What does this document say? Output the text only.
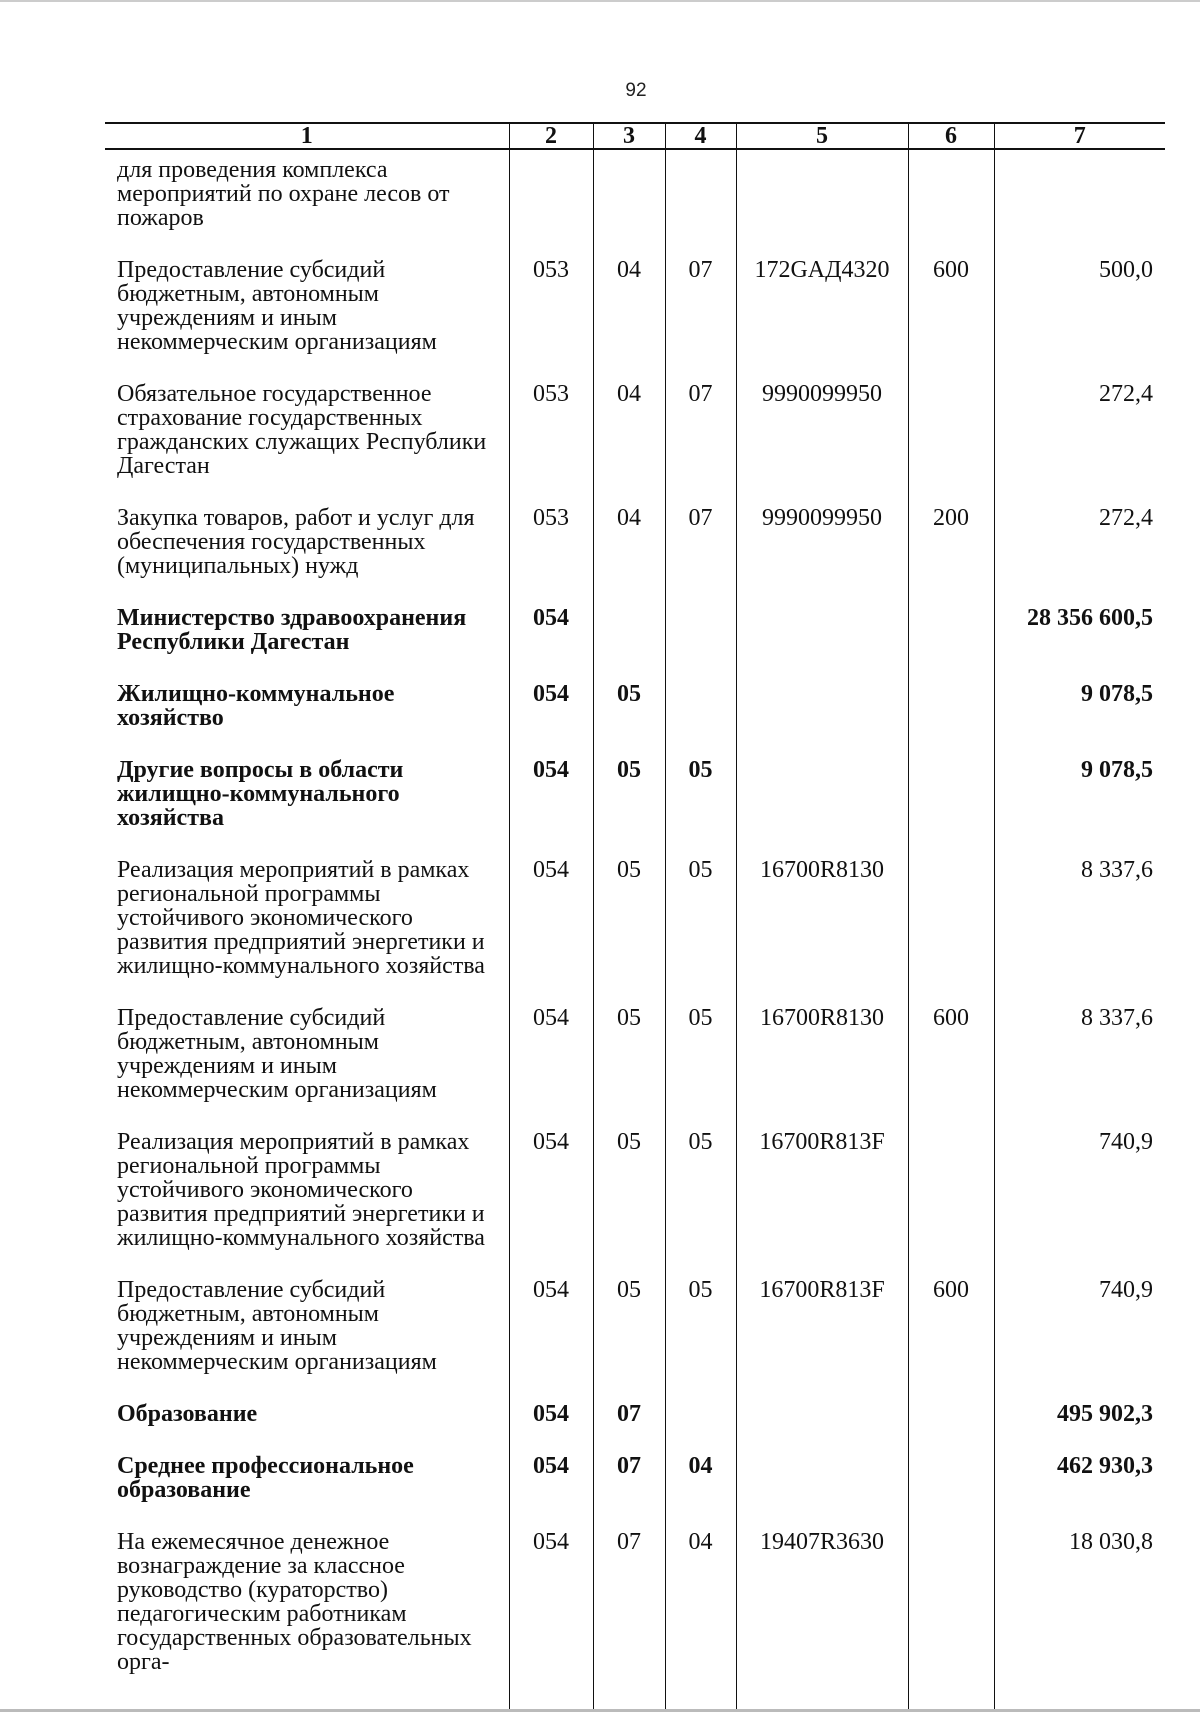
92
1	2	3	4	5	6	7
для проведения комплекса мероприятий по охране лесов от пожаров						
Предоставление субсидий бюджетным, автономным учреждениям и иным некоммерческим организациям	053	04	07	172GАД4320	600	500,0
Обязательное государственное страхование государственных гражданских служащих Республики Дагестан	053	04	07	9990099950		272,4
Закупка товаров, работ и услуг для обеспечения государственных (муниципальных) нужд	053	04	07	9990099950	200	272,4
Министерство здравоохранения Республики Дагестан	054					28 356 600,5
Жилищно-коммунальное хозяйство	054	05				9 078,5
Другие вопросы в области жилищно-коммунального хозяйства	054	05	05			9 078,5
Реализация мероприятий в рамках региональной программы устойчивого экономического развития предприятий энергетики и жилищно-коммунального хозяйства	054	05	05	16700R8130		8 337,6
Предоставление субсидий бюджетным, автономным учреждениям и иным некоммерческим организациям	054	05	05	16700R8130	600	8 337,6
Реализация мероприятий в рамках региональной программы устойчивого экономического развития предприятий энергетики и жилищно-коммунального хозяйства	054	05	05	16700R813F		740,9
Предоставление субсидий бюджетным, автономным учреждениям и иным некоммерческим организациям	054	05	05	16700R813F	600	740,9
Образование	054	07				495 902,3
Среднее профессиональное образование	054	07	04			462 930,3
На ежемесячное денежное вознаграждение за классное руководство (кураторство) педагогическим работникам государственных образовательных орга-	054	07	04	19407R3630		18 030,8
